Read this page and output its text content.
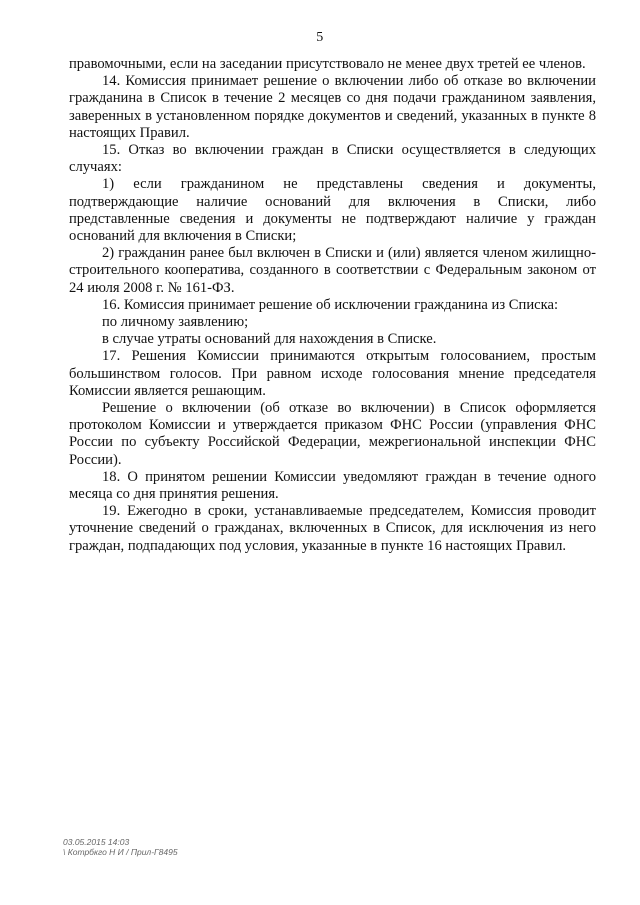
5

правомочными, если на заседании присутствовало не менее двух третей ее членов.

14. Комиссия принимает решение о включении либо об отказе во включении гражданина в Список в течение 2 месяцев со дня подачи гражданином заявления, заверенных в установленном порядке документов и сведений, указанных в пункте 8 настоящих Правил.

15. Отказ во включении граждан в Списки осуществляется в следующих случаях:

1) если гражданином не представлены сведения и документы, подтверждающие наличие оснований для включения в Списки, либо представленные сведения и документы не подтверждают наличие у граждан оснований для включения в Списки;

2) гражданин ранее был включен в Списки и (или) является членом жилищно-строительного кооператива, созданного в соответствии с Федеральным законом от 24 июля 2008 г. № 161-ФЗ.

16. Комиссия принимает решение об исключении гражданина из Списка:

по личному заявлению;

в случае утраты оснований для нахождения в Списке.

17. Решения Комиссии принимаются открытым голосованием, простым большинством голосов. При равном исходе голосования мнение председателя Комиссии является решающим.

Решение о включении (об отказе во включении) в Список оформляется протоколом Комиссии и утверждается приказом ФНС России (управления ФНС России по субъекту Российской Федерации, межрегиональной инспекции ФНС России).

18. О принятом решении Комиссии уведомляют граждан в течение одного месяца со дня принятия решения.

19. Ежегодно в сроки, устанавливаемые председателем, Комиссия проводит уточнение сведений о гражданах, включенных в Список, для исключения из него граждан, подпадающих под условия, указанные в пункте 16 настоящих Правил.

03.05.2015 14:03
\ Котрбкго Н И / Прил-Г8495
